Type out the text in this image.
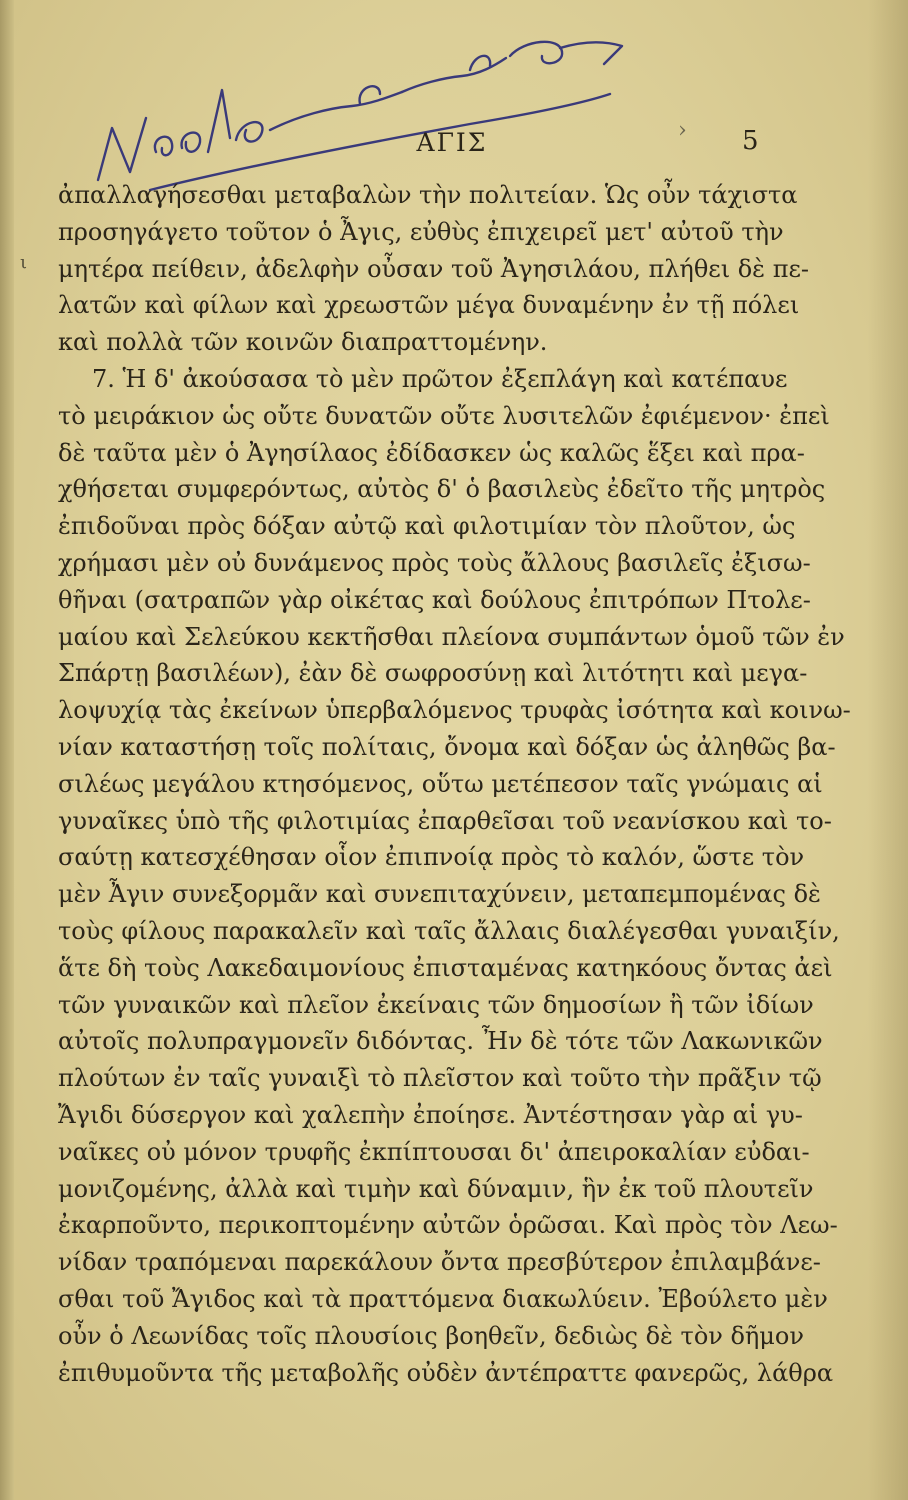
ΑΓΙΣ	5
›
ι
ἀπαλλαγήσεσθαι μεταβαλὼν τὴν πολιτείαν. Ὡς οὖν τάχιστα
προσηγάγετο τοῦτον ὁ Ἆγις, εὐθὺς ἐπιχειρεῖ μετ' αὐτοῦ τὴν
μητέρα πείθειν, ἀδελφὴν οὖσαν τοῦ Ἀγησιλάου, πλήθει δὲ πε-
λατῶν καὶ φίλων καὶ χρεωστῶν μέγα δυναμένην ἐν τῇ πόλει
καὶ πολλὰ τῶν κοινῶν διαπραττομένην.
7. Ἡ δ' ἀκούσασα τὸ μὲν πρῶτον ἐξεπλάγη καὶ κατέπαυε
τὸ μειράκιον ὡς οὔτε δυνατῶν οὔτε λυσιτελῶν ἐφιέμενον· ἐπεὶ
δὲ ταῦτα μὲν ὁ Ἀγησίλαος ἐδίδασκεν ὡς καλῶς ἕξει καὶ πρα-
χθήσεται συμφερόντως, αὐτὸς δ' ὁ βασιλεὺς ἐδεῖτο τῆς μητρὸς
ἐπιδοῦναι πρὸς δόξαν αὐτῷ καὶ φιλοτιμίαν τὸν πλοῦτον, ὡς
χρήμασι μὲν οὐ δυνάμενος πρὸς τοὺς ἄλλους βασιλεῖς ἐξισω-
θῆναι (σατραπῶν γὰρ οἰκέτας καὶ δούλους ἐπιτρόπων Πτολε-
μαίου καὶ Σελεύκου κεκτῆσθαι πλείονα συμπάντων ὁμοῦ τῶν ἐν
Σπάρτῃ βασιλέων), ἐὰν δὲ σωφροσύνῃ καὶ λιτότητι καὶ μεγα-
λοψυχίᾳ τὰς ἐκείνων ὑπερβαλόμενος τρυφὰς ἰσότητα καὶ κοινω-
νίαν καταστήσῃ τοῖς πολίταις, ὄνομα καὶ δόξαν ὡς ἀληθῶς βα-
σιλέως μεγάλου κτησόμενος, οὕτω μετέπεσον ταῖς γνώμαις αἱ
γυναῖκες ὑπὸ τῆς φιλοτιμίας ἐπαρθεῖσαι τοῦ νεανίσκου καὶ το-
σαύτῃ κατεσχέθησαν οἷον ἐπιπνοίᾳ πρὸς τὸ καλόν, ὥστε τὸν
μὲν Ἆγιν συνεξορμᾶν καὶ συνεπιταχύνειν, μεταπεμπομένας δὲ
τοὺς φίλους παρακαλεῖν καὶ ταῖς ἄλλαις διαλέγεσθαι γυναιξίν,
ἅτε δὴ τοὺς Λακεδαιμονίους ἐπισταμένας κατηκόους ὄντας ἀεὶ
τῶν γυναικῶν καὶ πλεῖον ἐκείναις τῶν δημοσίων ἢ τῶν ἰδίων
αὐτοῖς πολυπραγμονεῖν διδόντας. Ἦν δὲ τότε τῶν Λακωνικῶν
πλούτων ἐν ταῖς γυναιξὶ τὸ πλεῖστον καὶ τοῦτο τὴν πρᾶξιν τῷ
Ἄγιδι δύσεργον καὶ χαλεπὴν ἐποίησε. Ἀντέστησαν γὰρ αἱ γυ-
ναῖκες οὐ μόνον τρυφῆς ἐκπίπτουσαι δι' ἀπειροκαλίαν εὐδαι-
μονιζομένης, ἀλλὰ καὶ τιμὴν καὶ δύναμιν, ἣν ἐκ τοῦ πλουτεῖν
ἐκαρποῦντο, περικοπτομένην αὐτῶν ὁρῶσαι. Καὶ πρὸς τὸν Λεω-
νίδαν τραπόμεναι παρεκάλουν ὄντα πρεσβύτερον ἐπιλαμβάνε-
σθαι τοῦ Ἄγιδος καὶ τὰ πραττόμενα διακωλύειν. Ἐβούλετο μὲν
οὖν ὁ Λεωνίδας τοῖς πλουσίοις βοηθεῖν, δεδιὼς δὲ τὸν δῆμον
ἐπιθυμοῦντα τῆς μεταβολῆς οὐδὲν ἀντέπραττε φανερῶς, λάθρα
